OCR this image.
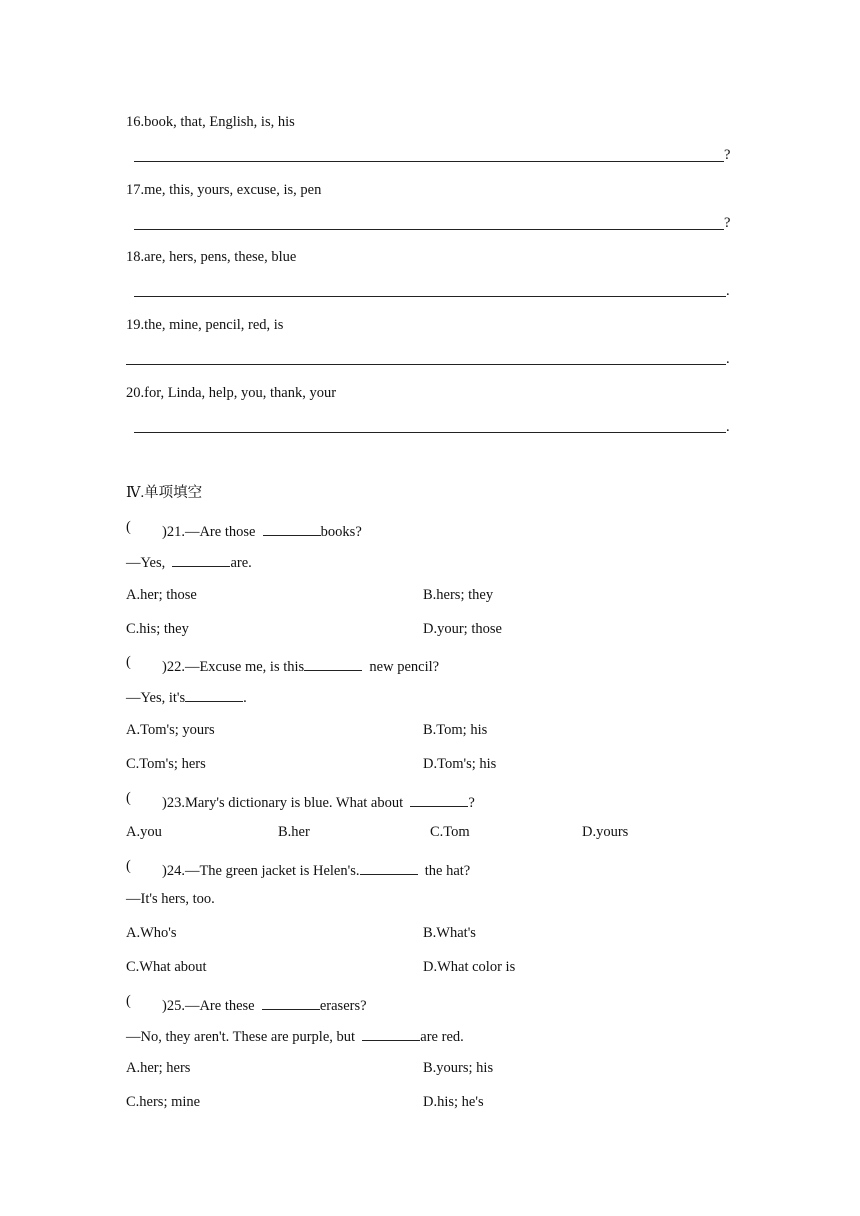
16.book, that, English, is, his
?
17.me, this, yours, excuse, is, pen
?
18.are, hers, pens, these, blue
.
19.the, mine, pencil, red, is
.
20.for, Linda, help, you, thank, your
.
Ⅳ.单项填空
( )21.—Are those	books?
—Yes,	are.
A.her; those	B.hers; they
C.his; they	D.your; those
( )22.—Excuse me, is this	new pencil?
—Yes, it's	.
A.Tom's; yours	B.Tom; his
C.Tom's; hers	D.Tom's; his
( )23.Mary's dictionary is blue. What about	?
A.you	B.her	C.Tom	D.yours
( )24.—The green jacket is Helen's.	the hat?
—It's hers, too.
A.Who's	B.What's
C.What about	D.What color is
( )25.—Are these	erasers?
—No, they aren't. These are purple, but	are red.
A.her; hers	B.yours; his
C.hers; mine	D.his; he's
